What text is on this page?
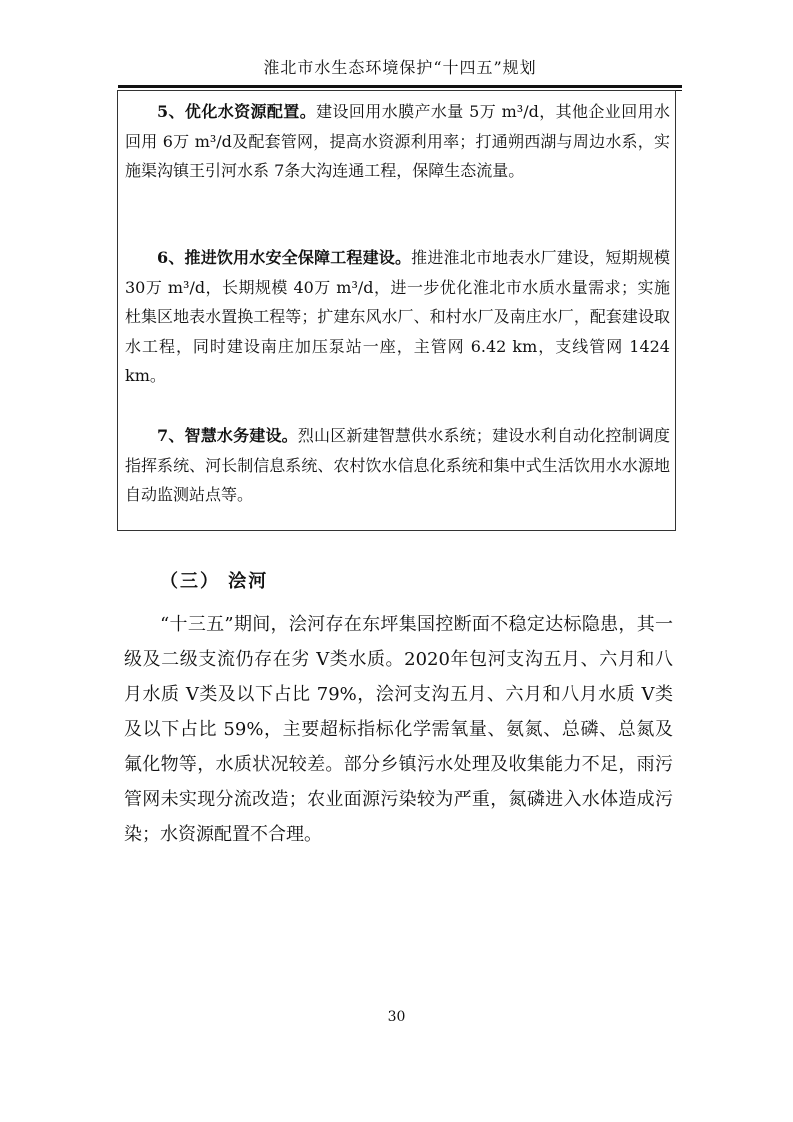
淮北市水生态环境保护“十四五”规划

5、优化水资源配置。建设回用水膜产水量 5万 m³/d，其他企业回用水回用 6万 m³/d及配套管网，提高水资源利用率；打通朔西湖与周边水系，实施渠沟镇王引河水系 7条大沟连通工程，保障生态流量。

6、推进饮用水安全保障工程建设。推进淮北市地表水厂建设，短期规模 30万 m³/d，长期规模 40万 m³/d，进一步优化淮北市水质水量需求；实施杜集区地表水置换工程等；扩建东风水厂、和村水厂及南庄水厂，配套建设取水工程，同时建设南庄加压泵站一座，主管网 6.42 km，支线管网 1424 km。

7、智慧水务建设。烈山区新建智慧供水系统；建设水利自动化控制调度指挥系统、河长制信息系统、农村饮水信息化系统和集中式生活饮用水水源地自动监测站点等。

（三） 浍河

“十三五”期间，浍河存在东坪集国控断面不稳定达标隐患，其一级及二级支流仍存在劣 V类水质。2020年包河支沟五月、六月和八月水质 V类及以下占比 79%，浍河支沟五月、六月和八月水质 V类及以下占比 59%，主要超标指标化学需氧量、氨氮、总磷、总氮及氟化物等，水质状况较差。部分乡镇污水处理及收集能力不足，雨污管网未实现分流改造；农业面源污染较为严重，氮磷进入水体造成污染；水资源配置不合理。

30
